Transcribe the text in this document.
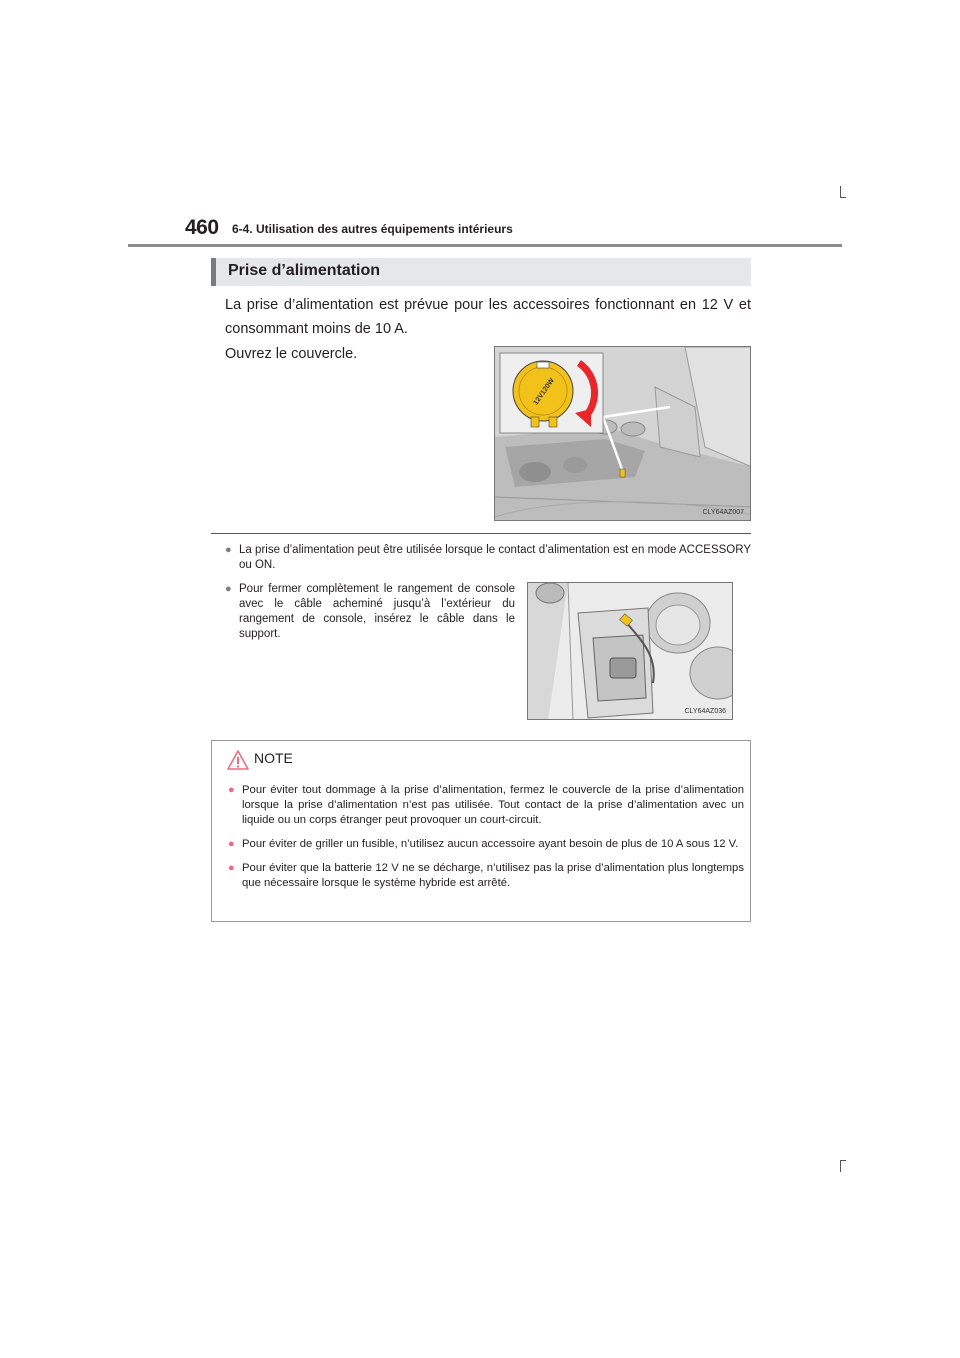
460 6-4. Utilisation des autres équipements intérieurs
Prise d’alimentation
La prise d’alimentation est prévue pour les accessoires fonctionnant en 12 V et consommant moins de 10 A.
Ouvrez le couvercle.
12V120W
CLY64AZ007
● La prise d’alimentation peut être utilisée lorsque le contact d’alimentation est en mode ACCESSORY ou ON.
● Pour fermer complètement le rangement de console avec le câble acheminé jusqu’à l’extérieur du rangement de console, insérez le câble dans le support.
CLY64AZ036
NOTE
● Pour éviter tout dommage à la prise d’alimentation, fermez le couvercle de la prise d’alimentation lorsque la prise d’alimentation n’est pas utilisée. Tout contact de la prise d’alimentation avec un liquide ou un corps étranger peut provoquer un court-circuit.
● Pour éviter de griller un fusible, n’utilisez aucun accessoire ayant besoin de plus de 10 A sous 12 V.
● Pour éviter que la batterie 12 V ne se décharge, n’utilisez pas la prise d’alimentation plus longtemps que nécessaire lorsque le système hybride est arrêté.
